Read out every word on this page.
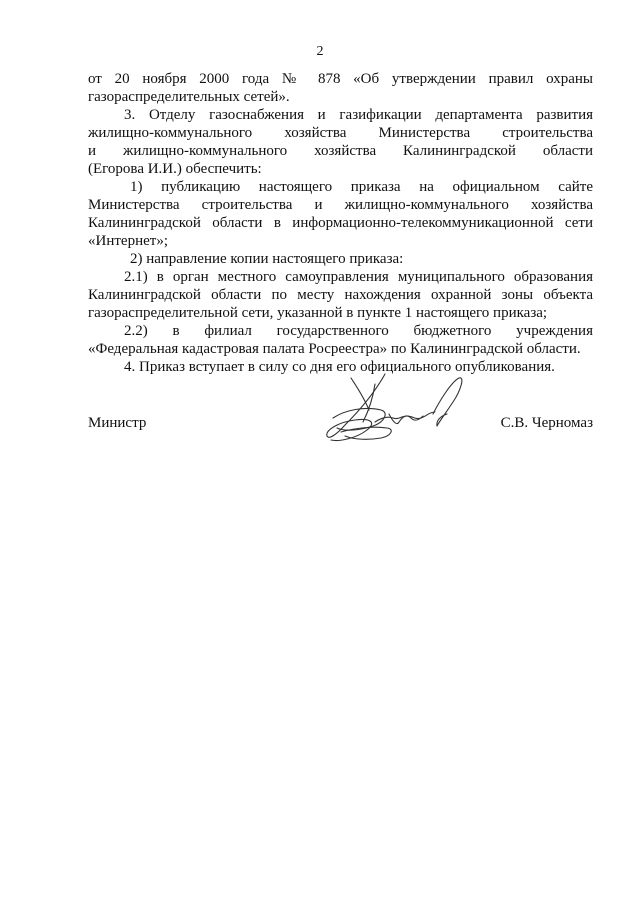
2
от 20 ноября 2000 года № 878 «Об утверждении правил охраны
газораспределительных сетей».
3. Отделу газоснабжения и газификации департамента развития
жилищно-коммунального хозяйства Министерства строительства
и жилищно-коммунального хозяйства Калининградской области
(Егорова И.И.) обеспечить:
1) публикацию настоящего приказа на официальном сайте
Министерства строительства и жилищно-коммунального хозяйства
Калининградской области в информационно-телекоммуникационной сети
«Интернет»;
2) направление копии настоящего приказа:
2.1) в орган местного самоуправления муниципального образования
Калининградской области по месту нахождения охранной зоны объекта
газораспределительной сети, указанной в пункте 1 настоящего приказа;
2.2) в филиал государственного бюджетного учреждения
«Федеральная кадастровая палата Росреестра» по Калининградской области.
4. Приказ вступает в силу со дня его официального опубликования.
Министр	С.В. Черномаз
